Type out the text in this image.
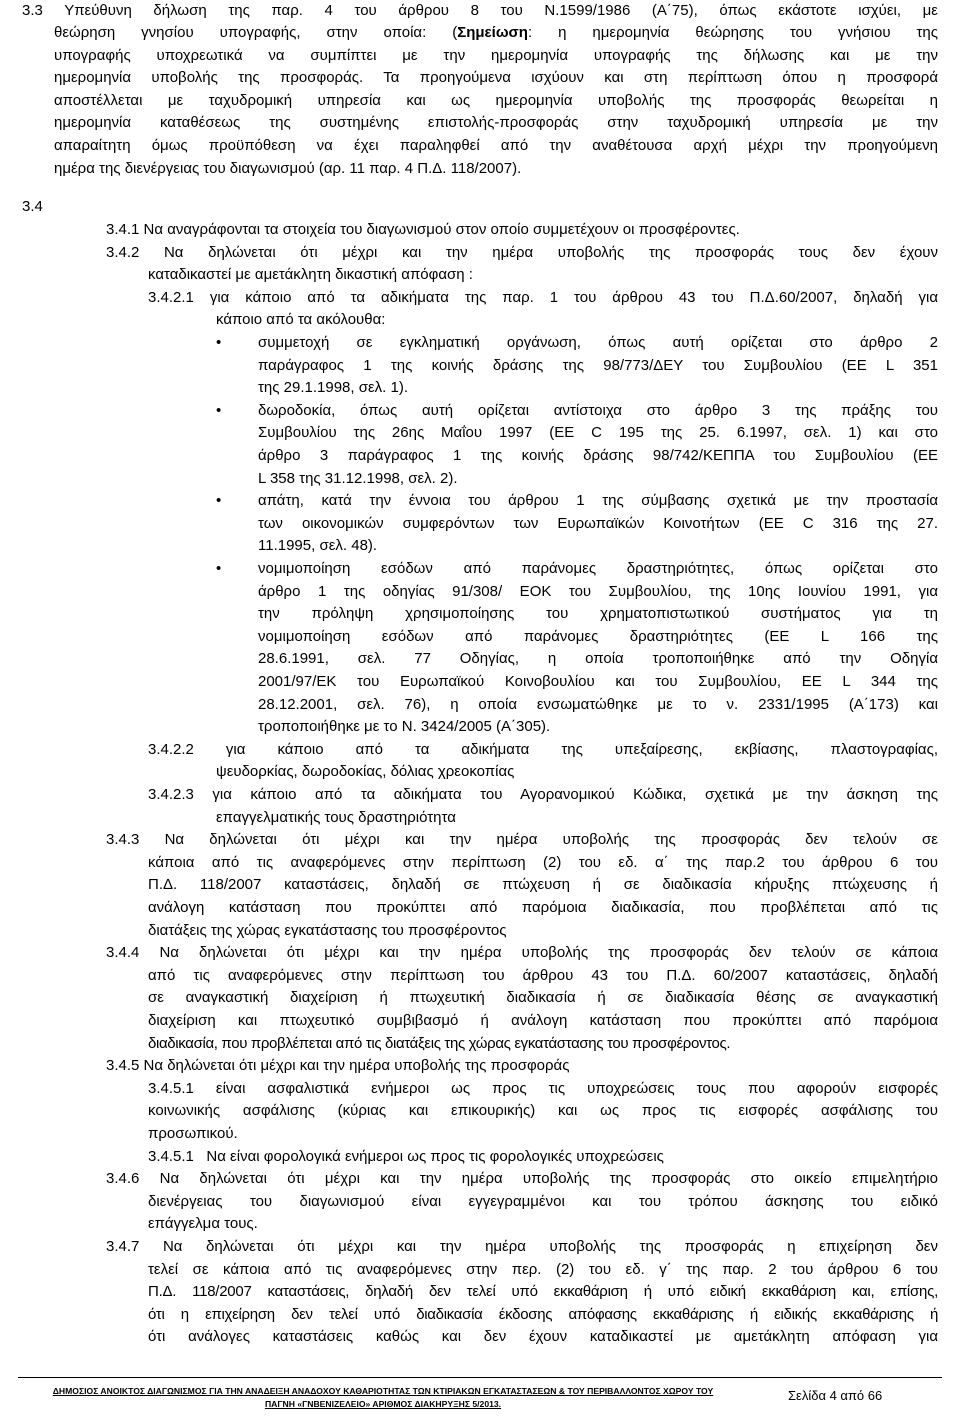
3.3 Υπεύθυνη δήλωση της παρ. 4 του άρθρου 8 του Ν.1599/1986 (Α΄75), όπως εκάστοτε ισχύει, με
θεώρηση γνησίου υπογραφής, στην οποία: (Σημείωση: η ημερομηνία θεώρησης του γνήσιου της
υπογραφής υποχρεωτικά να συμπίπτει με την ημερομηνία υπογραφής της δήλωσης και με την
ημερομηνία υποβολής της προσφοράς. Τα προηγούμενα ισχύουν και στη περίπτωση όπου η προσφορά
αποστέλλεται με ταχυδρομική υπηρεσία και ως ημερομηνία υποβολής της προσφοράς θεωρείται η
ημερομηνία καταθέσεως της συστημένης επιστολής-προσφοράς στην ταχυδρομική υπηρεσία με την
απαραίτητη όμως προϋπόθεση να έχει παραληφθεί από την αναθέτουσα αρχή μέχρι την προηγούμενη
ημέρα της διενέργειας του διαγωνισμού (αρ. 11 παρ. 4 Π.Δ. 118/2007).
3.4
3.4.1 Να αναγράφονται τα στοιχεία του διαγωνισμού στον οποίο συμμετέχουν οι προσφέροντες.
3.4.2 Να δηλώνεται ότι μέχρι και την ημέρα υποβολής της προσφοράς τους δεν έχουν
καταδικαστεί με αμετάκλητη δικαστική απόφαση :
3.4.2.1 για κάποιο από τα αδικήματα της παρ. 1 του άρθρου 43 του Π.Δ.60/2007, δηλαδή για
κάποιο από τα ακόλουθα:
• συμμετοχή σε εγκληματική οργάνωση, όπως αυτή ορίζεται στο άρθρο 2
παράγραφος 1 της κοινής δράσης της 98/773/ΔΕΥ του Συμβουλίου (ΕΕ L 351
της 29.1.1998, σελ. 1).
• δωροδοκία, όπως αυτή ορίζεται αντίστοιχα στο άρθρο 3 της πράξης του
Συμβουλίου της 26ης Μαΐου 1997 (ΕΕ C 195 της 25. 6.1997, σελ. 1) και στο
άρθρο 3 παράγραφος 1 της κοινής δράσης 98/742/ΚΕΠΠΑ του Συμβουλίου (ΕΕ
L 358 της 31.12.1998, σελ. 2).
• απάτη, κατά την έννοια του άρθρου 1 της σύμβασης σχετικά με την προστασία
των οικονομικών συμφερόντων των Ευρωπαϊκών Κοινοτήτων (ΕΕ C 316 της 27.
11.1995, σελ. 48).
• νομιμοποίηση εσόδων από παράνομες δραστηριότητες, όπως ορίζεται στο
άρθρο 1 της οδηγίας 91/308/ ΕΟΚ του Συμβουλίου, της 10ης Ιουνίου 1991, για
την πρόληψη χρησιμοποίησης του χρηματοπιστωτικού συστήματος για τη
νομιμοποίηση εσόδων από παράνομες δραστηριότητες (ΕΕ L 166 της
28.6.1991, σελ. 77 Οδηγίας, η οποία τροποποιήθηκε από την Οδηγία
2001/97/ΕΚ του Ευρωπαϊκού Κοινοβουλίου και του Συμβουλίου, ΕΕ L 344 της
28.12.2001, σελ. 76), η οποία ενσωματώθηκε με το ν. 2331/1995 (Α΄173) και
τροποποιήθηκε με το Ν. 3424/2005 (Α΄305).
3.4.2.2 για κάποιο από τα αδικήματα της υπεξαίρεσης, εκβίασης, πλαστογραφίας,
ψευδορκίας, δωροδοκίας, δόλιας χρεοκοπίας
3.4.2.3 για κάποιο από τα αδικήματα του Αγορανομικού Κώδικα, σχετικά με την άσκηση της
επαγγελματικής τους δραστηριότητα
3.4.3 Να δηλώνεται ότι μέχρι και την ημέρα υποβολής της προσφοράς δεν τελούν σε
κάποια από τις αναφερόμενες στην περίπτωση (2) του εδ. α΄ της παρ.2 του άρθρου 6 του
Π.Δ. 118/2007 καταστάσεις, δηλαδή σε πτώχευση ή σε διαδικασία κήρυξης πτώχευσης ή
ανάλογη κατάσταση που προκύπτει από παρόμοια διαδικασία, που προβλέπεται από τις
διατάξεις της χώρας εγκατάστασης του προσφέροντος
3.4.4 Να δηλώνεται ότι μέχρι και την ημέρα υποβολής της προσφοράς δεν τελούν σε κάποια
από τις αναφερόμενες στην περίπτωση του άρθρου 43 του Π.Δ. 60/2007 καταστάσεις, δηλαδή
σε αναγκαστική διαχείριση ή πτωχευτική διαδικασία ή σε διαδικασία θέσης σε αναγκαστική
διαχείριση και πτωχευτικό συμβιβασμό ή ανάλογη κατάσταση που προκύπτει από παρόμοια
διαδικασία, που προβλέπεται από τις διατάξεις της χώρας εγκατάστασης του προσφέροντος.
3.4.5 Να δηλώνεται ότι μέχρι και την ημέρα υποβολής της προσφοράς
3.4.5.1 είναι ασφαλιστικά ενήμεροι ως προς τις υποχρεώσεις τους που αφορούν εισφορές
κοινωνικής ασφάλισης (κύριας και επικουρικής) και ως προς τις εισφορές ασφάλισης του
προσωπικού.
3.4.5.1   Να είναι φορολογικά ενήμεροι ως προς τις φορολογικές υποχρεώσεις
3.4.6 Να δηλώνεται ότι μέχρι και την ημέρα υποβολής της προσφοράς στο οικείο επιμελητήριο
διενέργειας του διαγωνισμού είναι εγγεγραμμένοι και του τρόπου άσκησης του ειδικό
επάγγελμα τους.
3.4.7 Να δηλώνεται ότι μέχρι και την ημέρα υποβολής της προσφοράς η επιχείρηση δεν
τελεί σε κάποια από τις αναφερόμενες στην περ. (2) του εδ. γ΄ της παρ. 2 του άρθρου 6 του
Π.Δ. 118/2007 καταστάσεις, δηλαδή δεν τελεί υπό εκκαθάριση ή υπό ειδική εκκαθάριση και, επίσης,
ότι η επιχείρηση δεν τελεί υπό διαδικασία έκδοσης απόφασης εκκαθάρισης ή ειδικής εκκαθάρισης ή
ότι ανάλογες καταστάσεις καθώς και δεν έχουν καταδικαστεί με αμετάκλητη απόφαση για
ΔΗΜΟΣΙΟΣ ΑΝΟΙΚΤΟΣ ΔΙΑΓΩΝΙΣΜΟΣ ΓΙΑ ΤΗΝ ΑΝΑΔΕΙΞΗ ΑΝΑΔΟΧΟΥ ΚΑΘΑΡΙΟΤΗΤΑΣ ΤΩΝ ΚΤΙΡΙΑΚΩΝ ΕΓΚΑΤΑΣΤΑΣΕΩΝ & ΤΟΥ ΠΕΡΙΒΑΛΛΟΝΤΟΣ ΧΩΡΟΥ ΤΟΥ
ΠΑΓΝΗ «ΓΝΒΕΝΙΖΕΛΕΙΟ» ΑΡΙΘΜΟΣ ΔΙΑΚΗΡΥΞΗΣ 5/2013.
Σελίδα 4 από 66
